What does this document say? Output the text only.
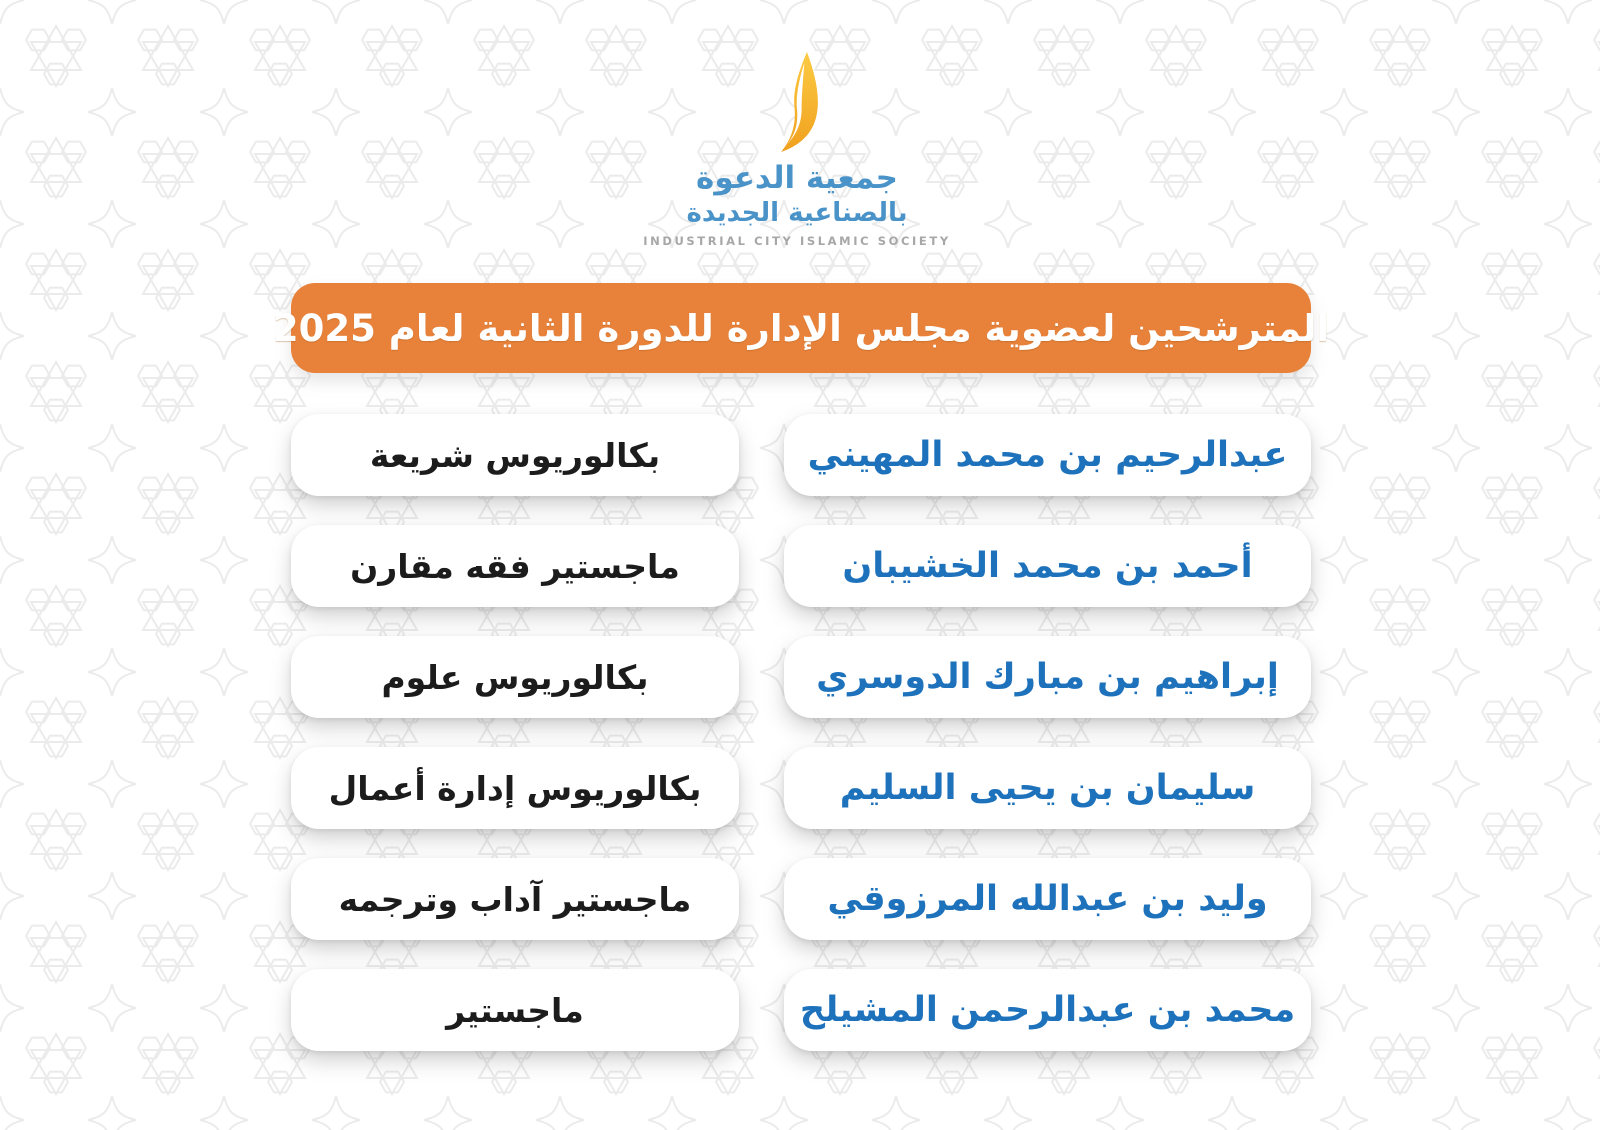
جمعية الدعوة
بالصناعية الجديدة
INDUSTRIAL CITY ISLAMIC SOCIETY
المترشحين لعضوية مجلس الإدارة للدورة الثانية لعام 2025
عبدالرحيم بن محمد المهيني
بكالوريوس شريعة
أحمد بن محمد الخشيبان
ماجستير فقه مقارن
إبراهيم بن مبارك الدوسري
بكالوريوس علوم
سليمان بن يحيى السليم
بكالوريوس إدارة أعمال
وليد بن عبدالله المرزوقي
ماجستير آداب وترجمه
محمد بن عبدالرحمن المشيلح
ماجستير
